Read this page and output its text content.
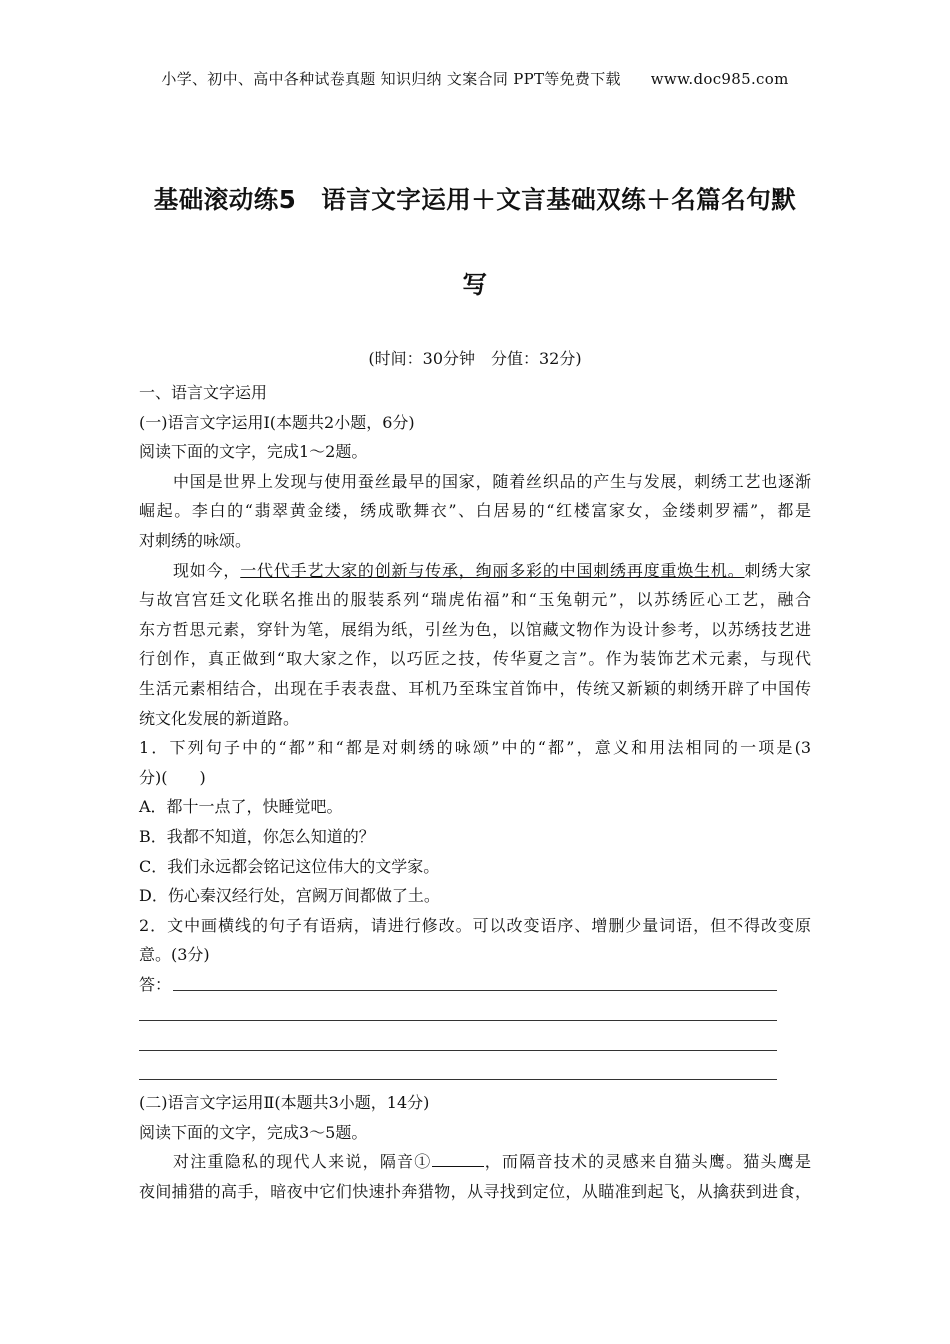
小学、初中、高中各种试卷真题 知识归纳 文案合同 PPT等免费下载 www.doc985.com
基础滚动练5　语言文字运用＋文言基础双练＋名篇名句默
写
(时间：30分钟　分值：32分)
一、语言文字运用
(一)语言文字运用Ⅰ(本题共2小题，6分)
阅读下面的文字，完成1～2题。
中国是世界上发现与使用蚕丝最早的国家，随着丝织品的产生与发展，刺绣工艺也逐渐
崛起。李白的“翡翠黄金缕，绣成歌舞衣”、白居易的“红楼富家女，金缕刺罗襦”，都是
对刺绣的咏颂。
现如今，一代代手艺大家的创新与传承，绚丽多彩的中国刺绣再度重焕生机。刺绣大家
与故宫宫廷文化联名推出的服装系列“瑞虎佑福”和“玉兔朝元”，以苏绣匠心工艺，融合
东方哲思元素，穿针为笔，展绢为纸，引丝为色，以馆藏文物作为设计参考，以苏绣技艺进
行创作，真正做到“取大家之作，以巧匠之技，传华夏之言”。作为装饰艺术元素，与现代
生活元素相结合，出现在手表表盘、耳机乃至珠宝首饰中，传统又新颖的刺绣开辟了中国传
统文化发展的新道路。
1．下列句子中的“都”和“都是对刺绣的咏颂”中的“都”，意义和用法相同的一项是(3
分)(　　)
A．都十一点了，快睡觉吧。
B．我都不知道，你怎么知道的？
C．我们永远都会铭记这位伟大的文学家。
D．伤心秦汉经行处，宫阙万间都做了土。
2．文中画横线的句子有语病，请进行修改。可以改变语序、增删少量词语，但不得改变原
意。(3分)
答：
(二)语言文字运用Ⅱ(本题共3小题，14分)
阅读下面的文字，完成3～5题。
对注重隐私的现代人来说，隔音①	，而隔音技术的灵感来自猫头鹰。猫头鹰是
夜间捕猎的高手，暗夜中它们快速扑奔猎物，从寻找到定位，从瞄准到起飞，从擒获到进食，
